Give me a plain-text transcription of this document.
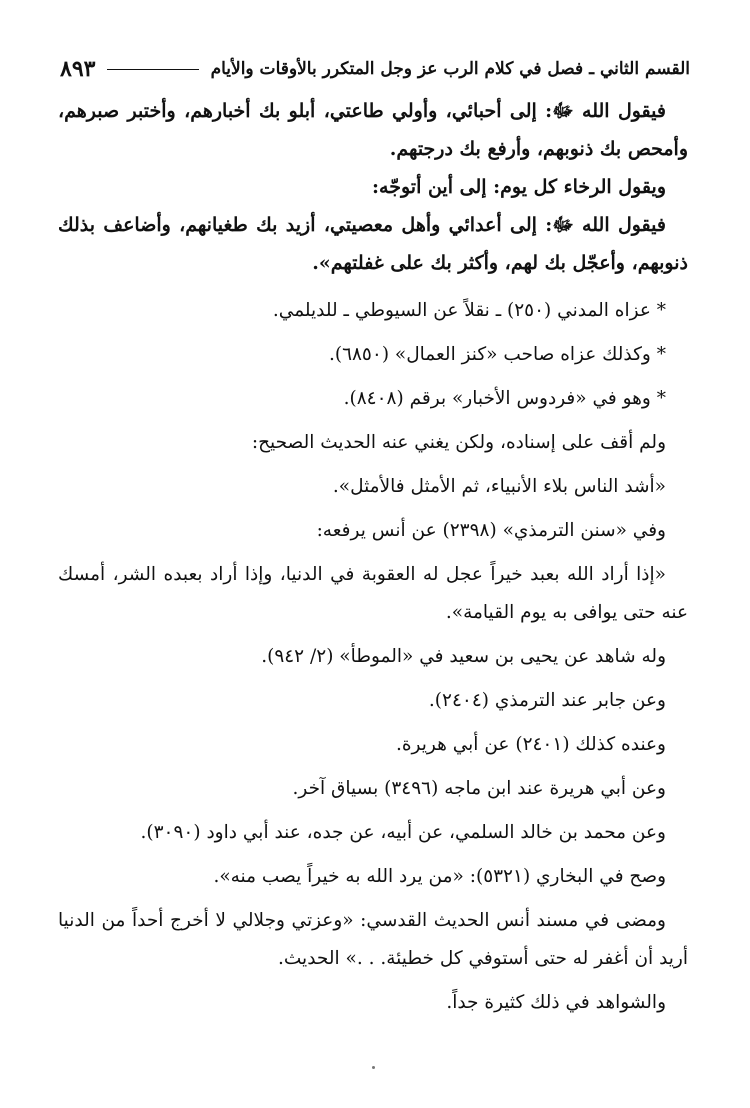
القسم الثاني ـ فصل في كلام الرب عز وجل المتكرر بالأوقات والأيام
٨٩٣

فيقول الله ﷻ: إلى أحبائي، وأولي طاعتي، أبلو بك أخبارهم، وأختبر صبرهم، وأمحص بك ذنوبهم، وأرفع بك درجتهم.

ويقول الرخاء كل يوم: إلى أين أتوجّه:

فيقول الله ﷻ: إلى أعدائي وأهل معصيتي، أزيد بك طغيانهم، وأضاعف بذلك ذنوبهم، وأعجّل بك لهم، وأكثر بك على غفلتهم».

* عزاه المدني (٢٥٠) ـ نقلاً عن السيوطي ـ للديلمي.

* وكذلك عزاه صاحب «كنز العمال» (٦٨٥٠).

* وهو في «فردوس الأخبار» برقم (٨٤٠٨).

ولم أقف على إسناده، ولكن يغني عنه الحديث الصحيح:

«أشد الناس بلاء الأنبياء، ثم الأمثل فالأمثل».

وفي «سنن الترمذي» (٢٣٩٨) عن أنس يرفعه:

«إذا أراد الله بعبد خيراً عجل له العقوبة في الدنيا، وإذا أراد بعبده الشر، أمسك عنه حتى يوافى به يوم القيامة».

وله شاهد عن يحيى بن سعيد في «الموطأ» (٢/ ٩٤٢).

وعن جابر عند الترمذي (٢٤٠٤).

وعنده كذلك (٢٤٠١) عن أبي هريرة.

وعن أبي هريرة عند ابن ماجه (٣٤٩٦) بسياق آخر.

وعن محمد بن خالد السلمي، عن أبيه، عن جده، عند أبي داود (٣٠٩٠).

وصح في البخاري (٥٣٢١): «من يرد الله به خيراً يصب منه».

ومضى في مسند أنس الحديث القدسي: «وعزتي وجلالي لا أخرج أحداً من الدنيا أريد أن أغفر له حتى أستوفي كل خطيئة. . .» الحديث.

والشواهد في ذلك كثيرة جداً.
